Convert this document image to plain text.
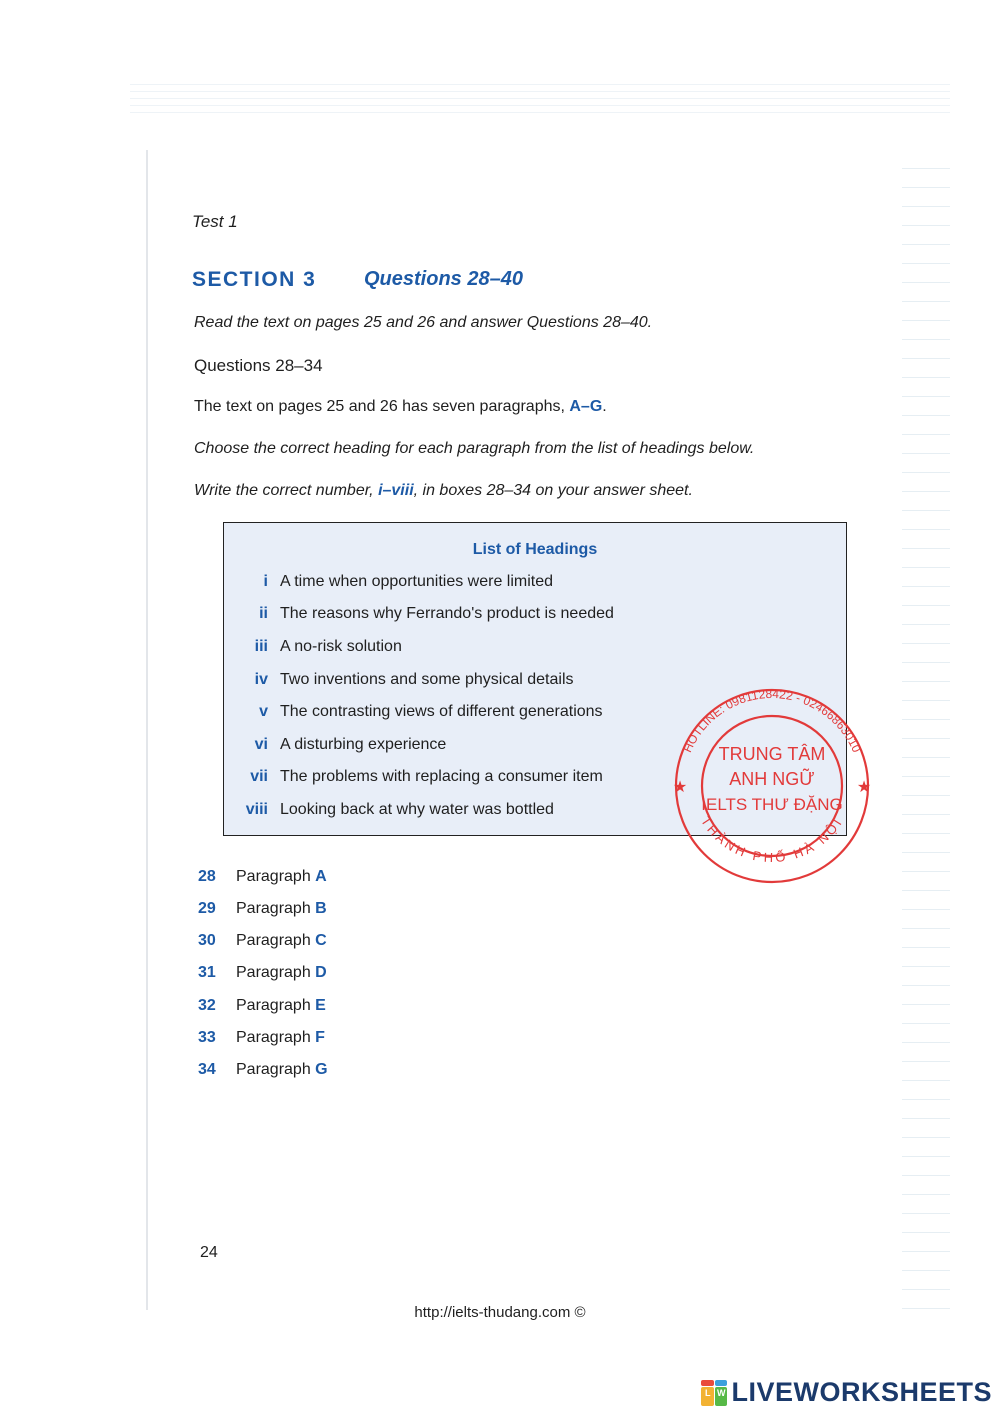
Test 1
SECTION 3 Questions 28–40
Read the text on pages 25 and 26 and answer Questions 28–40.
Questions 28–34
The text on pages 25 and 26 has seven paragraphs, A–G.
Choose the correct heading for each paragraph from the list of headings below.
Write the correct number, i–viii, in boxes 28–34 on your answer sheet.
List of Headings
i A time when opportunities were limited
ii The reasons why Ferrando's product is needed
iii A no-risk solution
iv Two inventions and some physical details
v The contrasting views of different generations
vi A disturbing experience
vii The problems with replacing a consumer item
viii Looking back at why water was bottled
28 Paragraph A
29 Paragraph B
30 Paragraph C
31 Paragraph D
32 Paragraph E
33 Paragraph F
34 Paragraph G
24
http://ielts-thudang.com ©
HOTLINE: 0981128422 - 02466863010
THÀNH PHỐ HÀ NỘI
TRUNG TÂM
ANH NGỮ
IELTS THƯ ĐẶNG
★	★
L W LIVEWORKSHEETS
